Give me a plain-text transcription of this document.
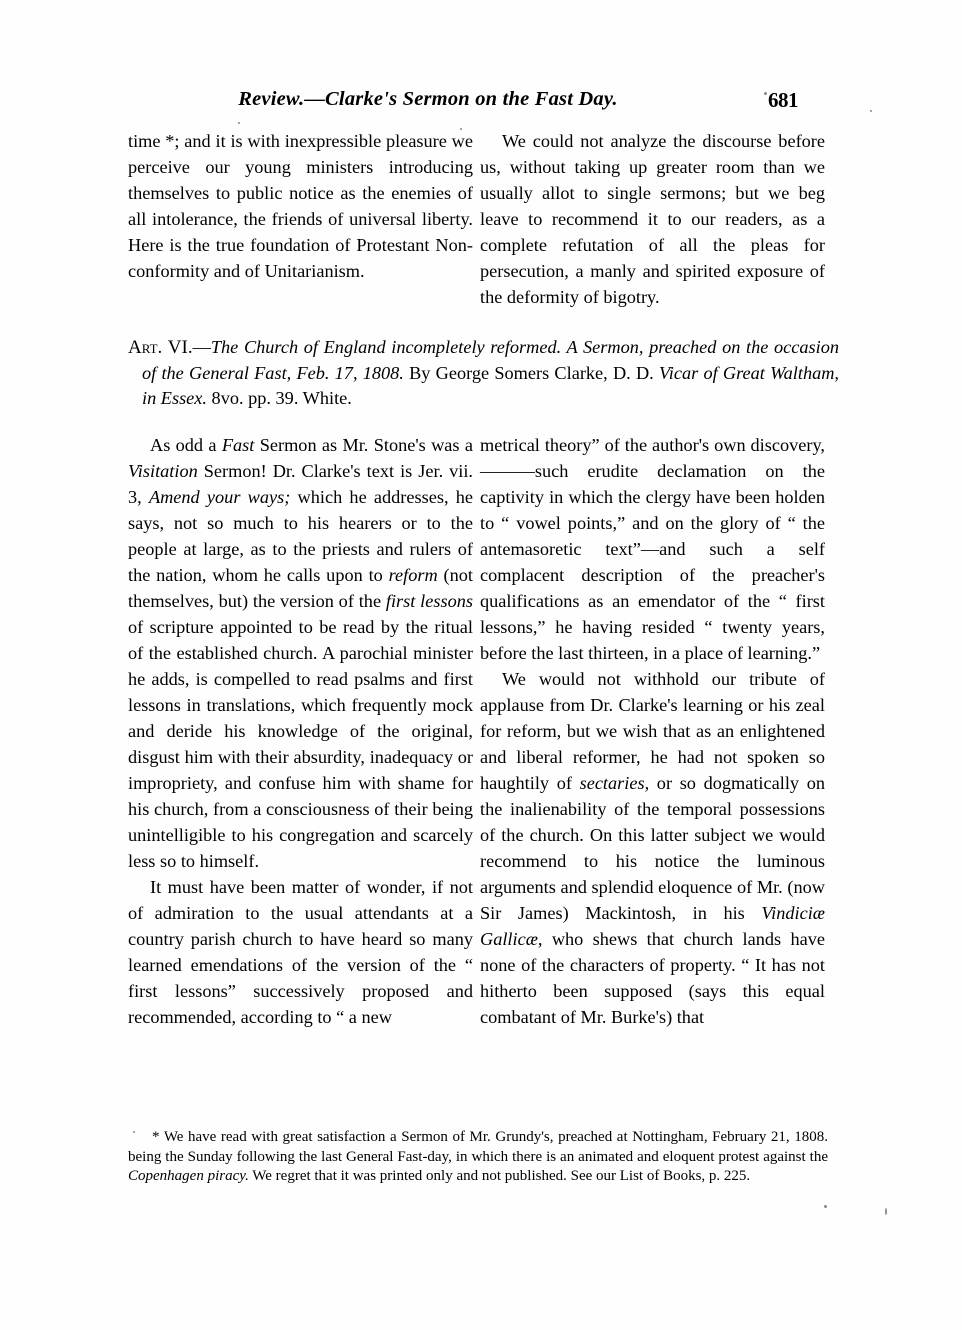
Review.—Clarke's Sermon on the Fast Day.	681

time *; and it is with inexpressible pleasure we perceive our young ministers introducing themselves to public notice as the enemies of all intolerance, the friends of universal liberty. Here is the true foundation of Protestant Non-conformity and of Unitarianism.

We could not analyze the discourse before us, without taking up greater room than we usually allot to single sermons; but we beg leave to recommend it to our readers, as a complete refutation of all the pleas for persecution, a manly and spirited exposure of the deformity of bigotry.

Art. VI.—The Church of England incompletely reformed. A Sermon, preached on the occasion of the General Fast, Feb. 17, 1808. By George Somers Clarke, D. D. Vicar of Great Waltham, in Essex. 8vo. pp. 39. White.

As odd a Fast Sermon as Mr. Stone's was a Visitation Sermon! Dr. Clarke's text is Jer. vii. 3, Amend your ways; which he addresses, he says, not so much to his hearers or to the people at large, as to the priests and rulers of the nation, whom he calls upon to reform (not themselves, but) the version of the first lessons of scripture appointed to be read by the ritual of the established church. A parochial minister he adds, is compelled to read psalms and first lessons in translations, which frequently mock and deride his knowledge of the original, disgust him with their absurdity, inadequacy or impropriety, and confuse him with shame for his church, from a consciousness of their being unintelligible to his congregation and scarcely less so to himself.

It must have been matter of wonder, if not of admiration to the usual attendants at a country parish church to have heard so many learned emendations of the version of the “ first lessons” successively proposed and recommended, according to “ a new

metrical theory” of the author's own discovery,———such erudite declamation on the captivity in which the clergy have been holden to “ vowel points,” and on the glory of “ the antemasoretic text”—and such a self complacent description of the preacher's qualifications as an emendator of the “ first lessons,” he having resided “ twenty years, before the last thirteen, in a place of learning.”

We would not withhold our tribute of applause from Dr. Clarke's learning or his zeal for reform, but we wish that as an enlightened and liberal reformer, he had not spoken so haughtily of sectaries, or so dogmatically on the inalienability of the temporal possessions of the church. On this latter subject we would recommend to his notice the luminous arguments and splendid eloquence of Mr. (now Sir James) Mackintosh, in his Vindiciæ Gallicæ, who shews that church lands have none of the characters of property. “ It has not hitherto been supposed (says this equal combatant of Mr. Burke's) that

* We have read with great satisfaction a Sermon of Mr. Grundy's, preached at Nottingham, February 21, 1808. being the Sunday following the last General Fast-day, in which there is an animated and eloquent protest against the Copenhagen piracy. We regret that it was printed only and not published. See our List of Books, p. 225.
